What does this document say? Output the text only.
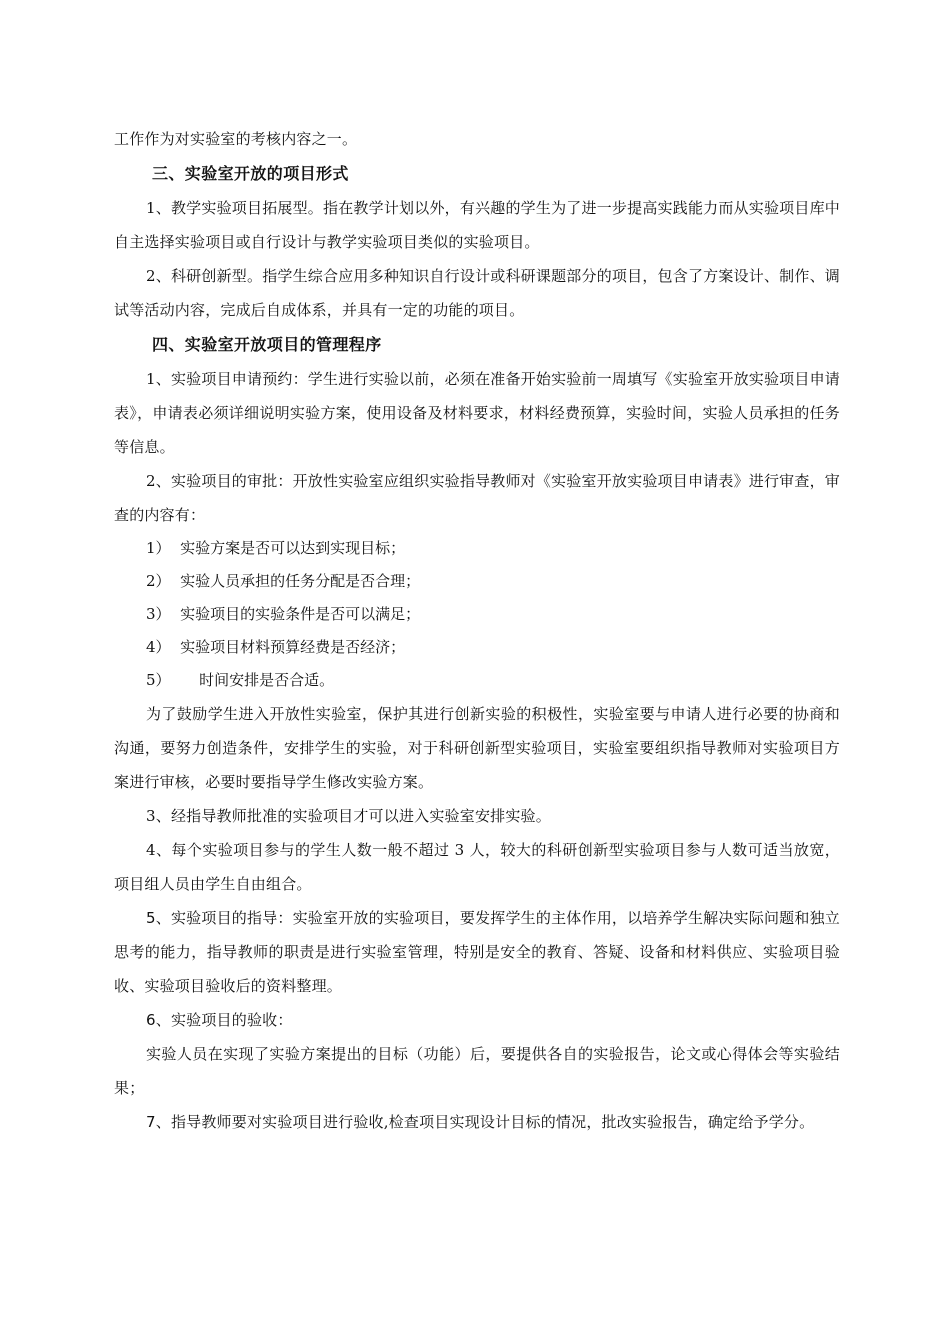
工作作为对实验室的考核内容之一。

三、实验室开放的项目形式

1、教学实验项目拓展型。指在教学计划以外，有兴趣的学生为了进一步提高实践能力而从实验项目库中自主选择实验项目或自行设计与教学实验项目类似的实验项目。

2、科研创新型。指学生综合应用多种知识自行设计或科研课题部分的项目，包含了方案设计、制作、调试等活动内容，完成后自成体系，并具有一定的功能的项目。

四、实验室开放项目的管理程序

1、实验项目申请预约：学生进行实验以前，必须在准备开始实验前一周填写《实验室开放实验项目申请表》，申请表必须详细说明实验方案，使用设备及材料要求，材料经费预算，实验时间，实验人员承担的任务等信息。

2、实验项目的审批：开放性实验室应组织实验指导教师对《实验室开放实验项目申请表》进行审查，审查的内容有：

1）  实验方案是否可以达到实现目标；

2）  实验人员承担的任务分配是否合理；

3）  实验项目的实验条件是否可以满足；

4）  实验项目材料预算经费是否经济；

5）      时间安排是否合适。

为了鼓励学生进入开放性实验室，保护其进行创新实验的积极性，实验室要与申请人进行必要的协商和沟通，要努力创造条件，安排学生的实验，对于科研创新型实验项目，实验室要组织指导教师对实验项目方案进行审核，必要时要指导学生修改实验方案。

3、经指导教师批准的实验项目才可以进入实验室安排实验。

4、每个实验项目参与的学生人数一般不超过 3 人，较大的科研创新型实验项目参与人数可适当放宽，项目组人员由学生自由组合。

5、实验项目的指导：实验室开放的实验项目，要发挥学生的主体作用，以培养学生解决实际问题和独立思考的能力，指导教师的职责是进行实验室管理，特别是安全的教育、答疑、设备和材料供应、实验项目验收、实验项目验收后的资料整理。

6、实验项目的验收：

实验人员在实现了实验方案提出的目标（功能）后，要提供各自的实验报告，论文或心得体会等实验结果；

7、指导教师要对实验项目进行验收,检查项目实现设计目标的情况，批改实验报告，确定给予学分。
